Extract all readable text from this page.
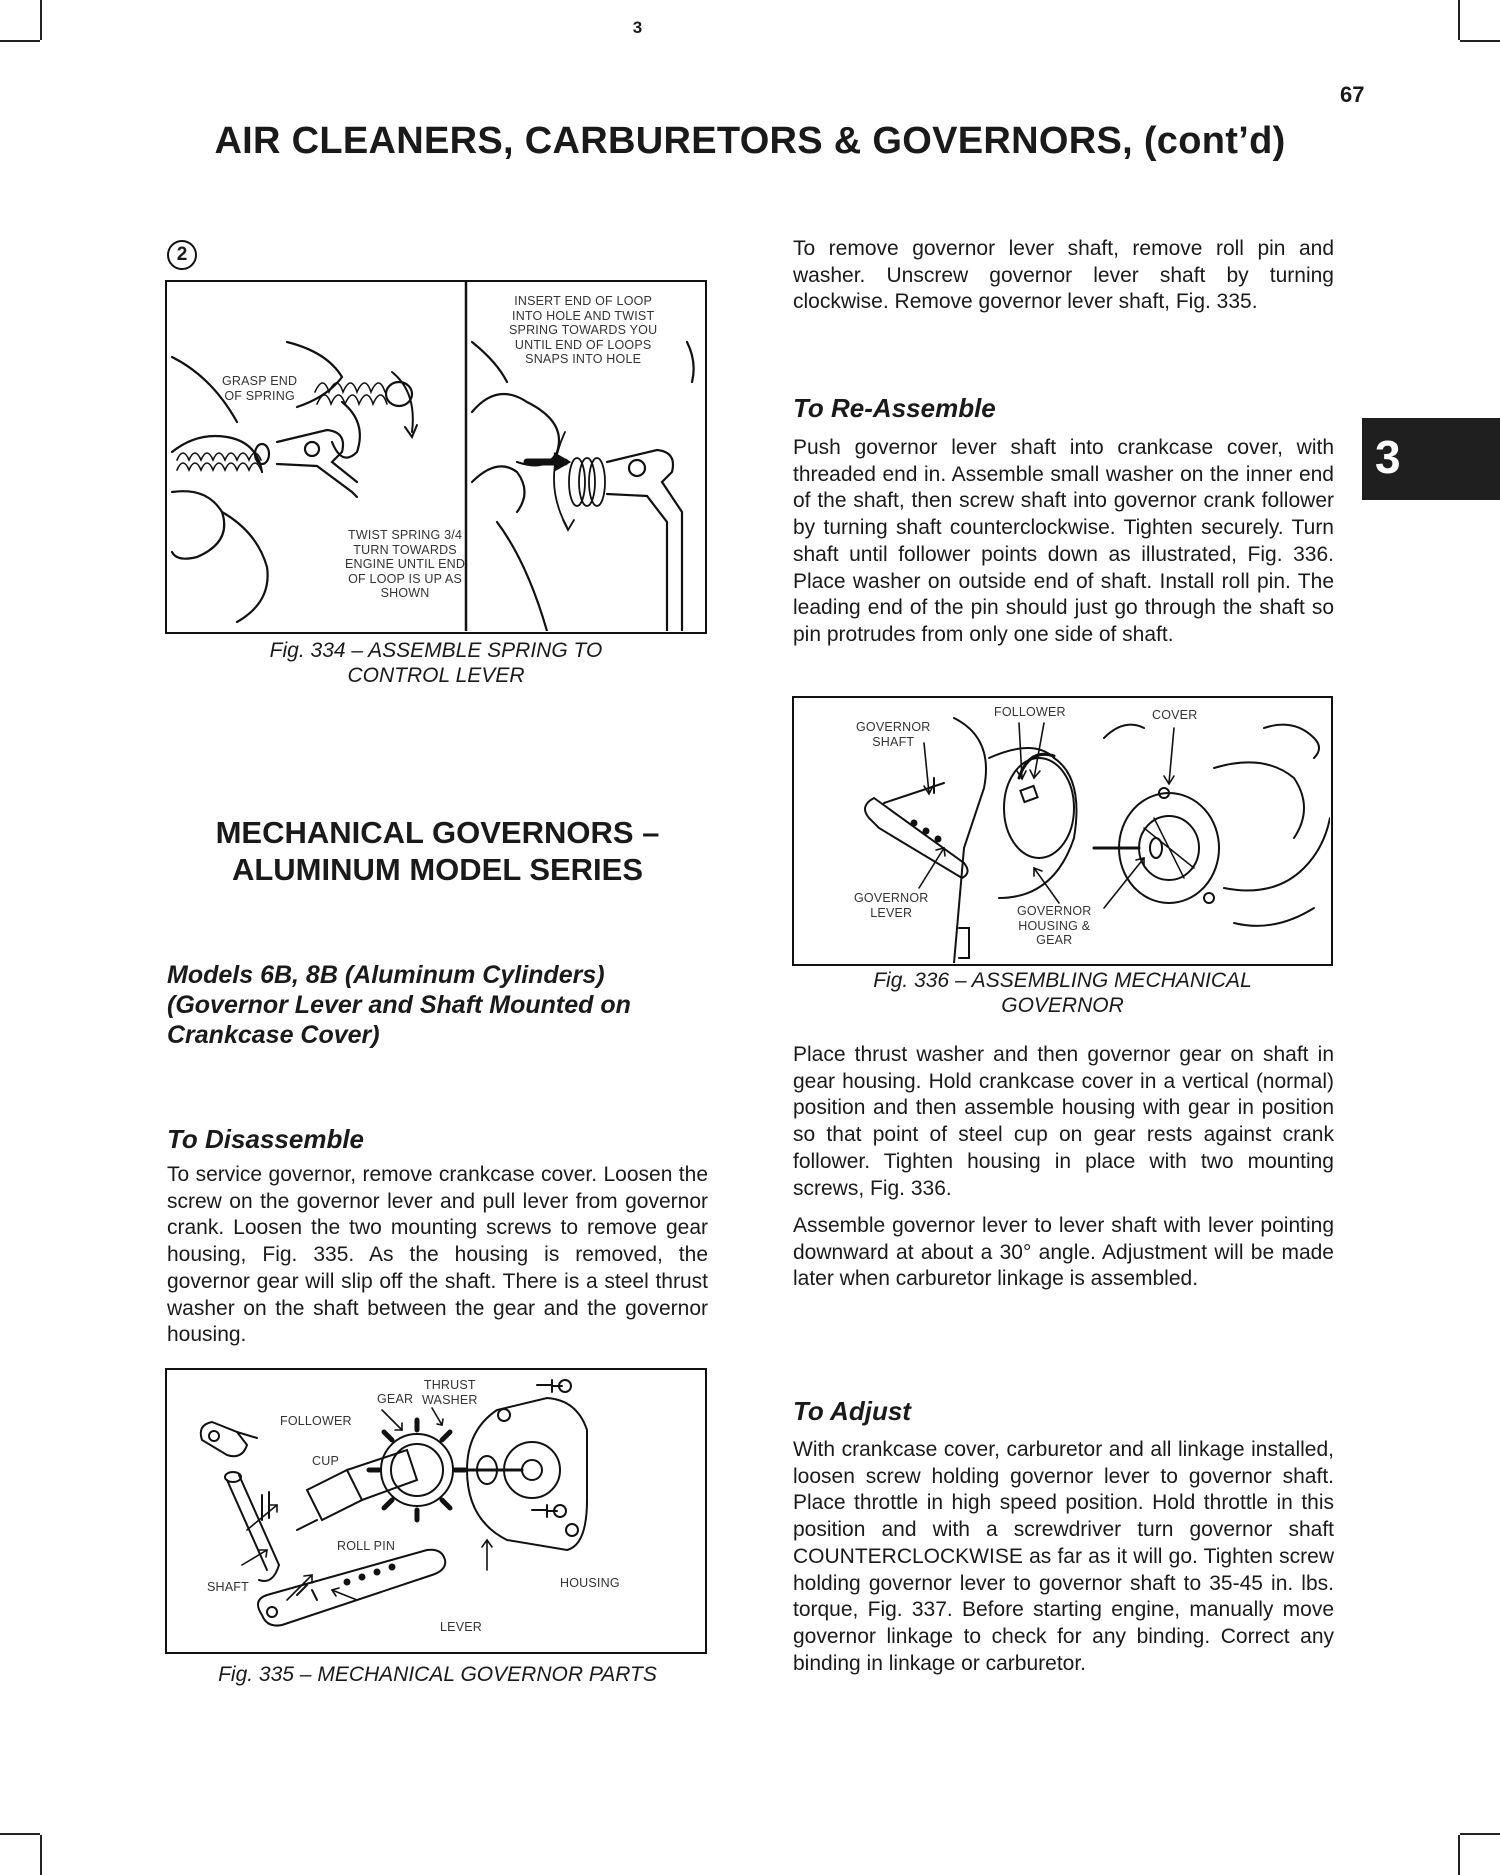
3
67
AIR CLEANERS, CARBURETORS & GOVERNORS, (cont’d)
3
2
GRASP END
OF SPRING
TWIST SPRING 3/4
TURN TOWARDS
ENGINE UNTIL END
OF LOOP IS UP AS
SHOWN
INSERT END OF LOOP
INTO HOLE AND TWIST
SPRING TOWARDS YOU
UNTIL END OF LOOPS
SNAPS INTO HOLE
Fig. 334 – ASSEMBLE SPRING TO
CONTROL LEVER
MECHANICAL GOVERNORS –
ALUMINUM MODEL SERIES
Models 6B, 8B (Aluminum Cylinders)
(Governor Lever and Shaft Mounted on
Crankcase Cover)
To Disassemble
To service governor, remove crankcase cover. Loosen the screw on the governor lever and pull lever from governor crank. Loosen the two mounting screws to remove gear housing, Fig. 335. As the housing is removed, the governor gear will slip off the shaft. There is a steel thrust washer on the shaft between the gear and the governor housing.
FOLLOWER
GEAR
THRUST
WASHER
CUP
ROLL PIN
SHAFT	HOUSING
LEVER
Fig. 335 – MECHANICAL GOVERNOR PARTS
To remove governor lever shaft, remove roll pin and washer. Unscrew governor lever shaft by turning clockwise. Remove governor lever shaft, Fig. 335.
To Re-Assemble
Push governor lever shaft into crankcase cover, with threaded end in. Assemble small washer on the inner end of the shaft, then screw shaft into governor crank follower by turning shaft counterclockwise. Tighten securely. Turn shaft until follower points down as illustrated, Fig. 336. Place washer on outside end of shaft. Install roll pin. The leading end of the pin should just go through the shaft so pin protrudes from only one side of shaft.
GOVERNOR
SHAFT
FOLLOWER	COVER
GOVERNOR
LEVER	GOVERNOR
HOUSING &
GEAR
Fig. 336 – ASSEMBLING MECHANICAL
GOVERNOR
Place thrust washer and then governor gear on shaft in gear housing. Hold crankcase cover in a vertical (normal) position and then assemble housing with gear in position so that point of steel cup on gear rests against crank follower. Tighten housing in place with two mounting screws, Fig. 336.
Assemble governor lever to lever shaft with lever pointing downward at about a 30° angle. Adjustment will be made later when carburetor linkage is assembled.
To Adjust
With crankcase cover, carburetor and all linkage installed, loosen screw holding governor lever to governor shaft. Place throttle in high speed position. Hold throttle in this position and with a screwdriver turn governor shaft COUNTERCLOCKWISE as far as it will go. Tighten screw holding governor lever to governor shaft to 35-45 in. lbs. torque, Fig. 337. Before starting engine, manually move governor linkage to check for any binding. Correct any binding in linkage or carburetor.
